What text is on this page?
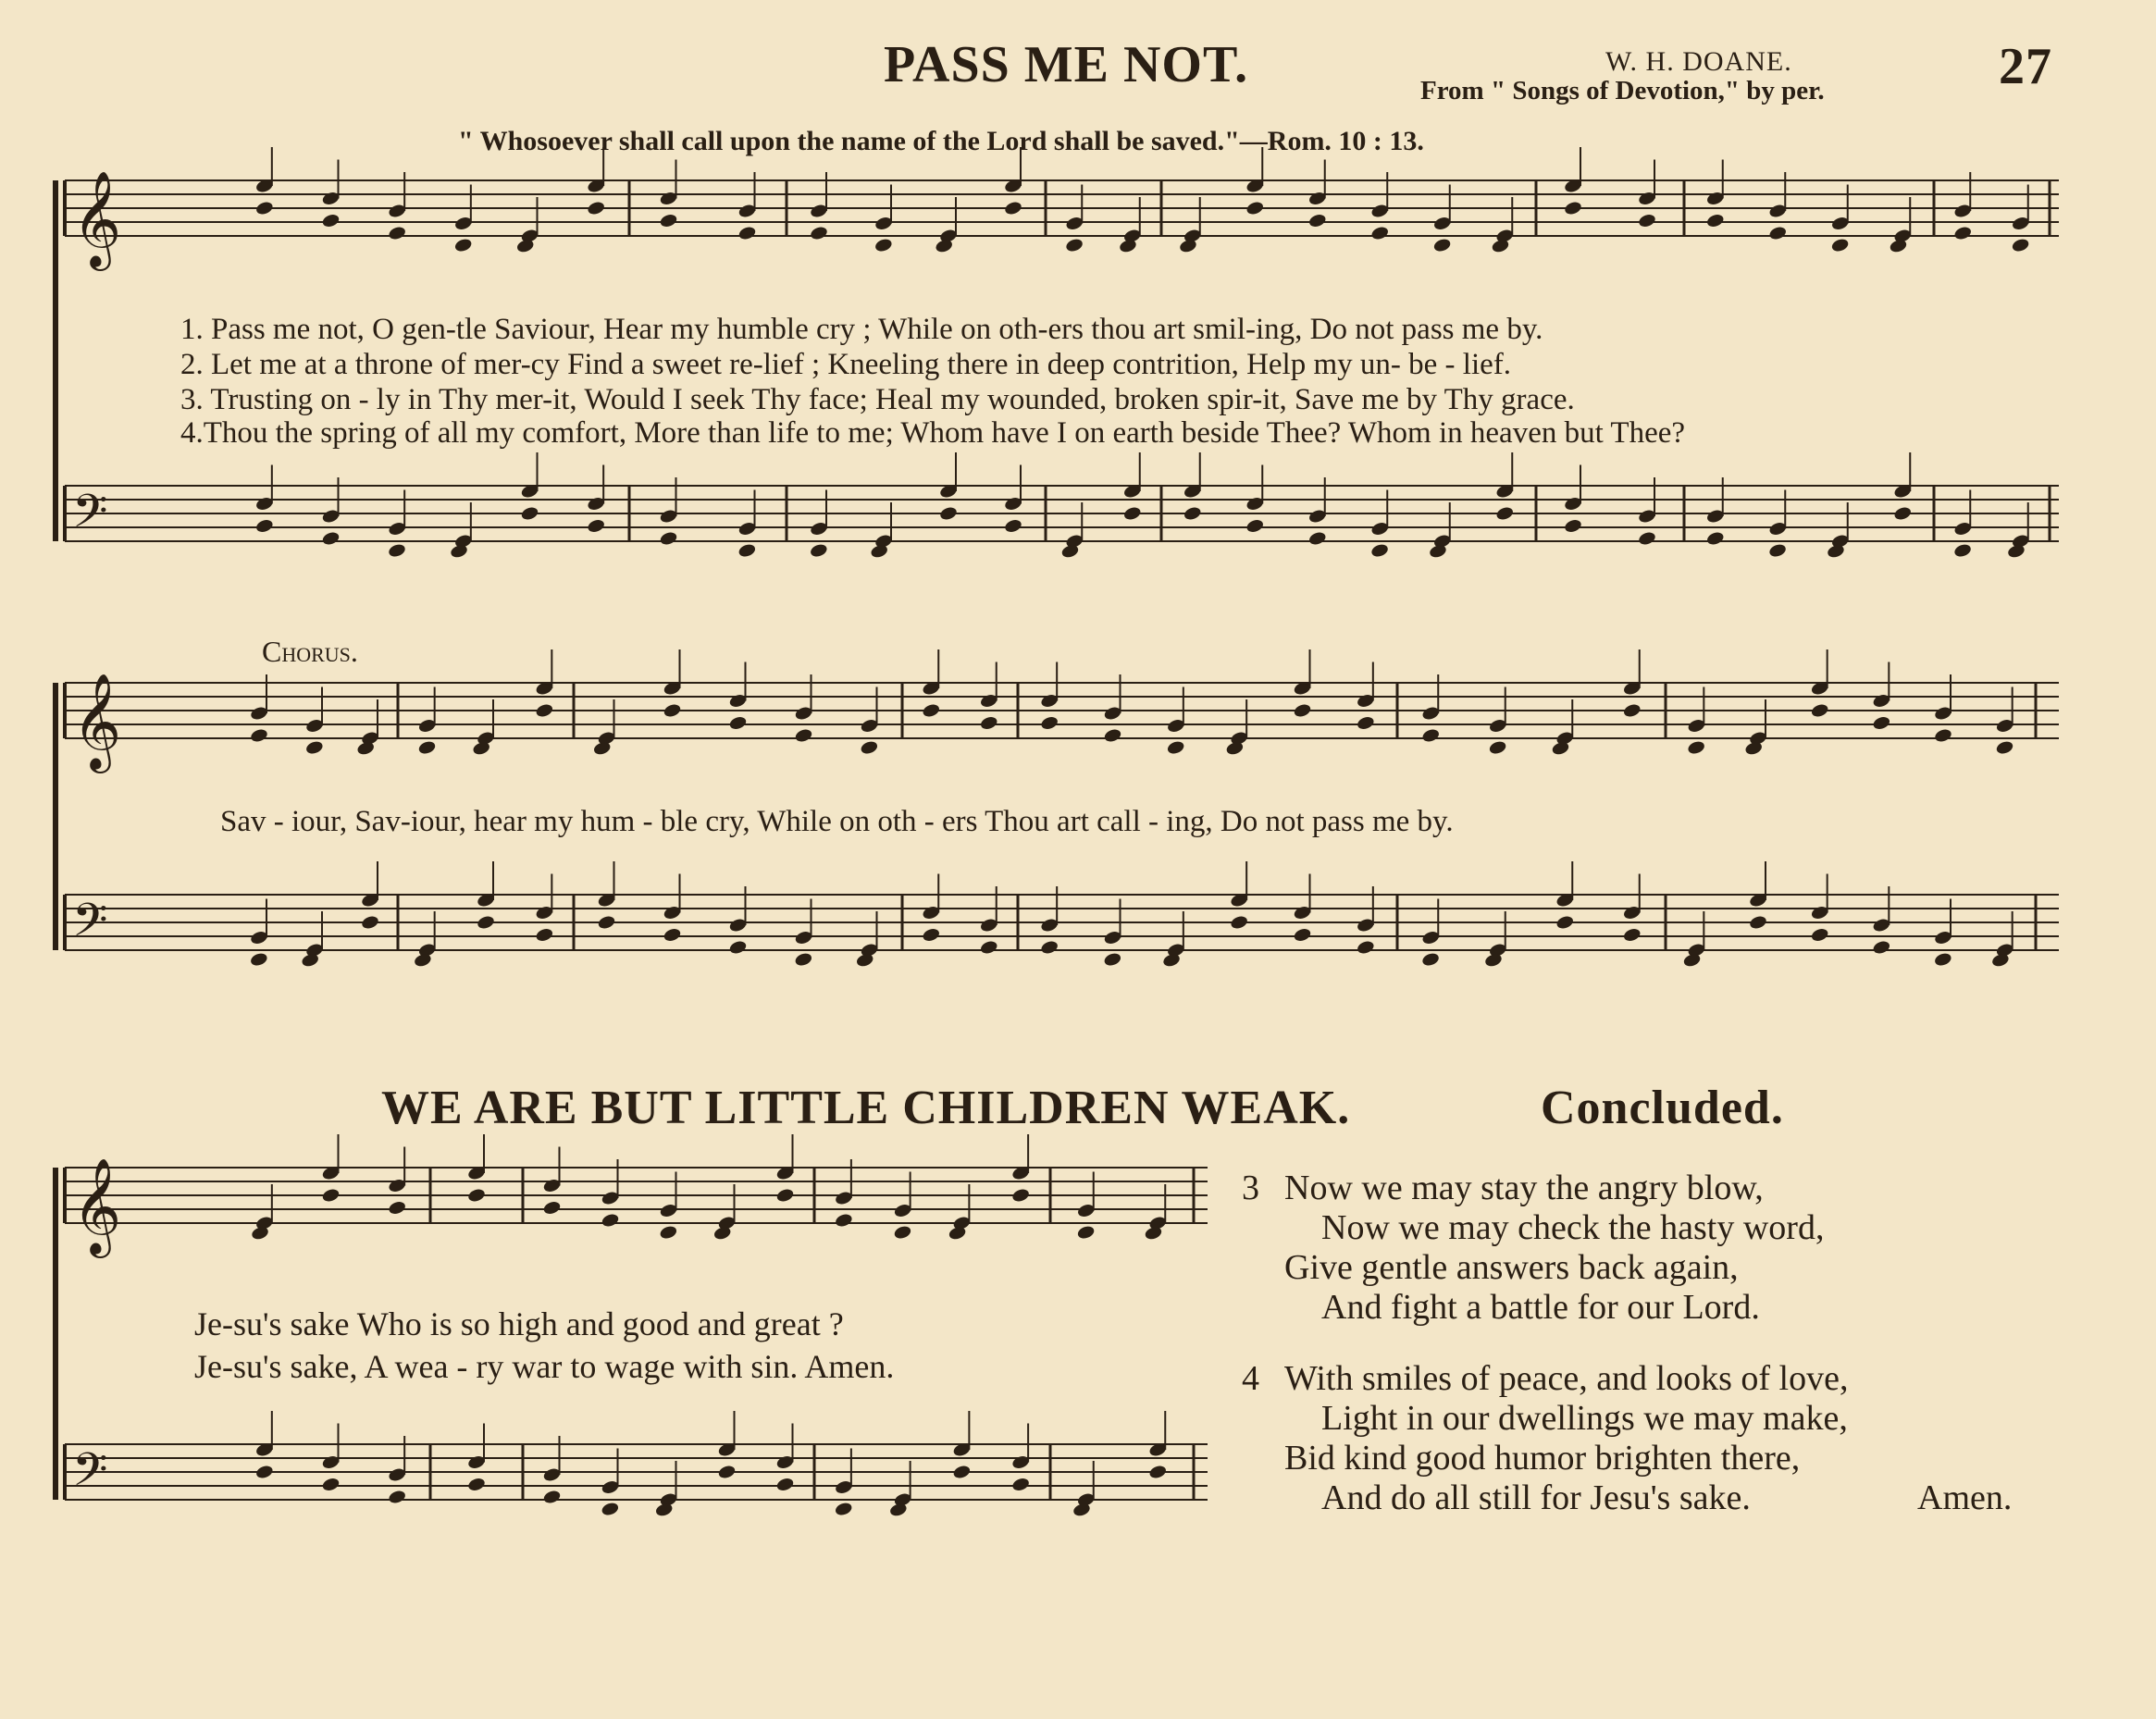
PASS ME NOT.	W. H. DOANE.
From " Songs of Devotion," by per.	27
" Whosoever shall call upon the name of the Lord shall be saved."—Rom. 10 : 13.
𝄞
𝄢
𝄞
𝄢
𝄞
𝄢
1. Pass me not, O gen-tle Saviour, Hear my humble cry ; While on oth-ers thou art smil-ing, Do not pass me by.
2. Let me at a throne of mer-cy Find a sweet re-lief ; Kneeling there in deep contrition, Help my un- be - lief.
3. Trusting on - ly in Thy mer-it, Would I seek Thy face; Heal my wounded, broken spir-it, Save me by Thy grace.
4.Thou the spring of all my comfort, More than life to me; Whom have I on earth beside Thee? Whom in heaven but Thee?
Chorus.
Sav - iour, Sav-iour, hear my hum - ble cry, While on oth - ers Thou art call - ing, Do not pass me by.
WE ARE BUT LITTLE CHILDREN WEAK.	Concluded.
Je-su's sake Who is so high and good and great ?
Je-su's sake, A wea - ry war to wage with sin. Amen.
3 Now we may stay the angry blow,
Now we may check the hasty word,
Give gentle answers back again,
And fight a battle for our Lord.
4 With smiles of peace, and looks of love,
Light in our dwellings we may make,
Bid kind good humor brighten there,
And do all still for Jesu's sake.	Amen.
